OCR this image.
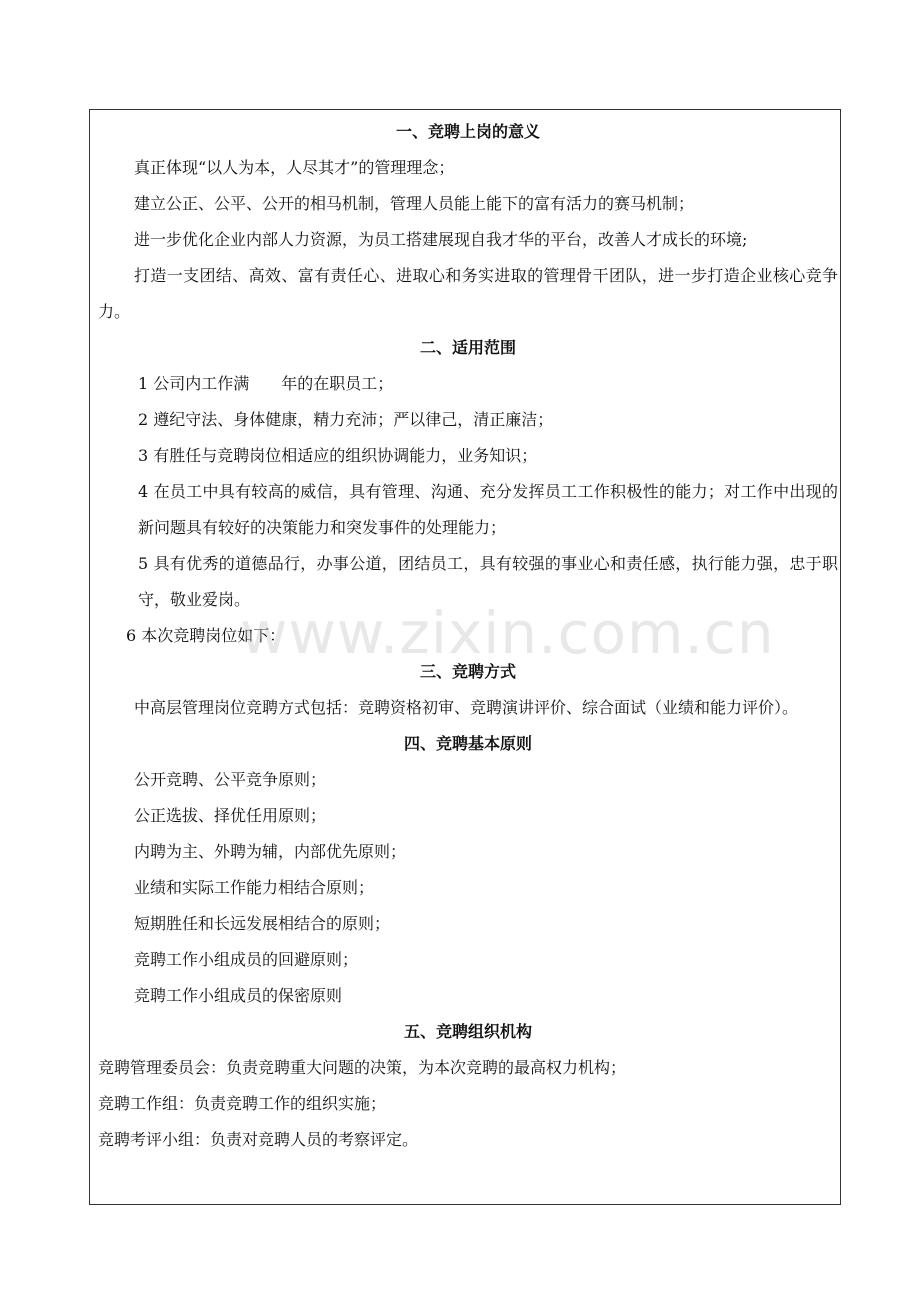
一、竞聘上岗的意义

真正体现“以人为本，人尽其才”的管理理念；

建立公正、公平、公开的相马机制，管理人员能上能下的富有活力的赛马机制；

进一步优化企业内部人力资源，为员工搭建展现自我才华的平台，改善人才成长的环境;

打造一支团结、高效、富有责任心、进取心和务实进取的管理骨干团队，进一步打造企业核心竞争力。

二、适用范围

1 公司内工作满　　年的在职员工；

2 遵纪守法、身体健康，精力充沛；严以律己，清正廉洁；

3 有胜任与竞聘岗位相适应的组织协调能力，业务知识；

4 在员工中具有较高的威信，具有管理、沟通、充分发挥员工工作积极性的能力；对工作中出现的新问题具有较好的决策能力和突发事件的处理能力；

5 具有优秀的道德品行，办事公道，团结员工，具有较强的事业心和责任感，执行能力强，忠于职守，敬业爱岗。

6 本次竞聘岗位如下：

三、竞聘方式

中高层管理岗位竞聘方式包括：竞聘资格初审、竞聘演讲评价、综合面试（业绩和能力评价）。

四、竞聘基本原则

公开竞聘、公平竞争原则；

公正选拔、择优任用原则；

内聘为主、外聘为辅，内部优先原则；

业绩和实际工作能力相结合原则；

短期胜任和长远发展相结合的原则；

竞聘工作小组成员的回避原则；

竞聘工作小组成员的保密原则

五、竞聘组织机构

竞聘管理委员会：负责竞聘重大问题的决策，为本次竞聘的最高权力机构；

竞聘工作组：负责竞聘工作的组织实施；

竞聘考评小组：负责对竞聘人员的考察评定。

www.zixin.com.cn
